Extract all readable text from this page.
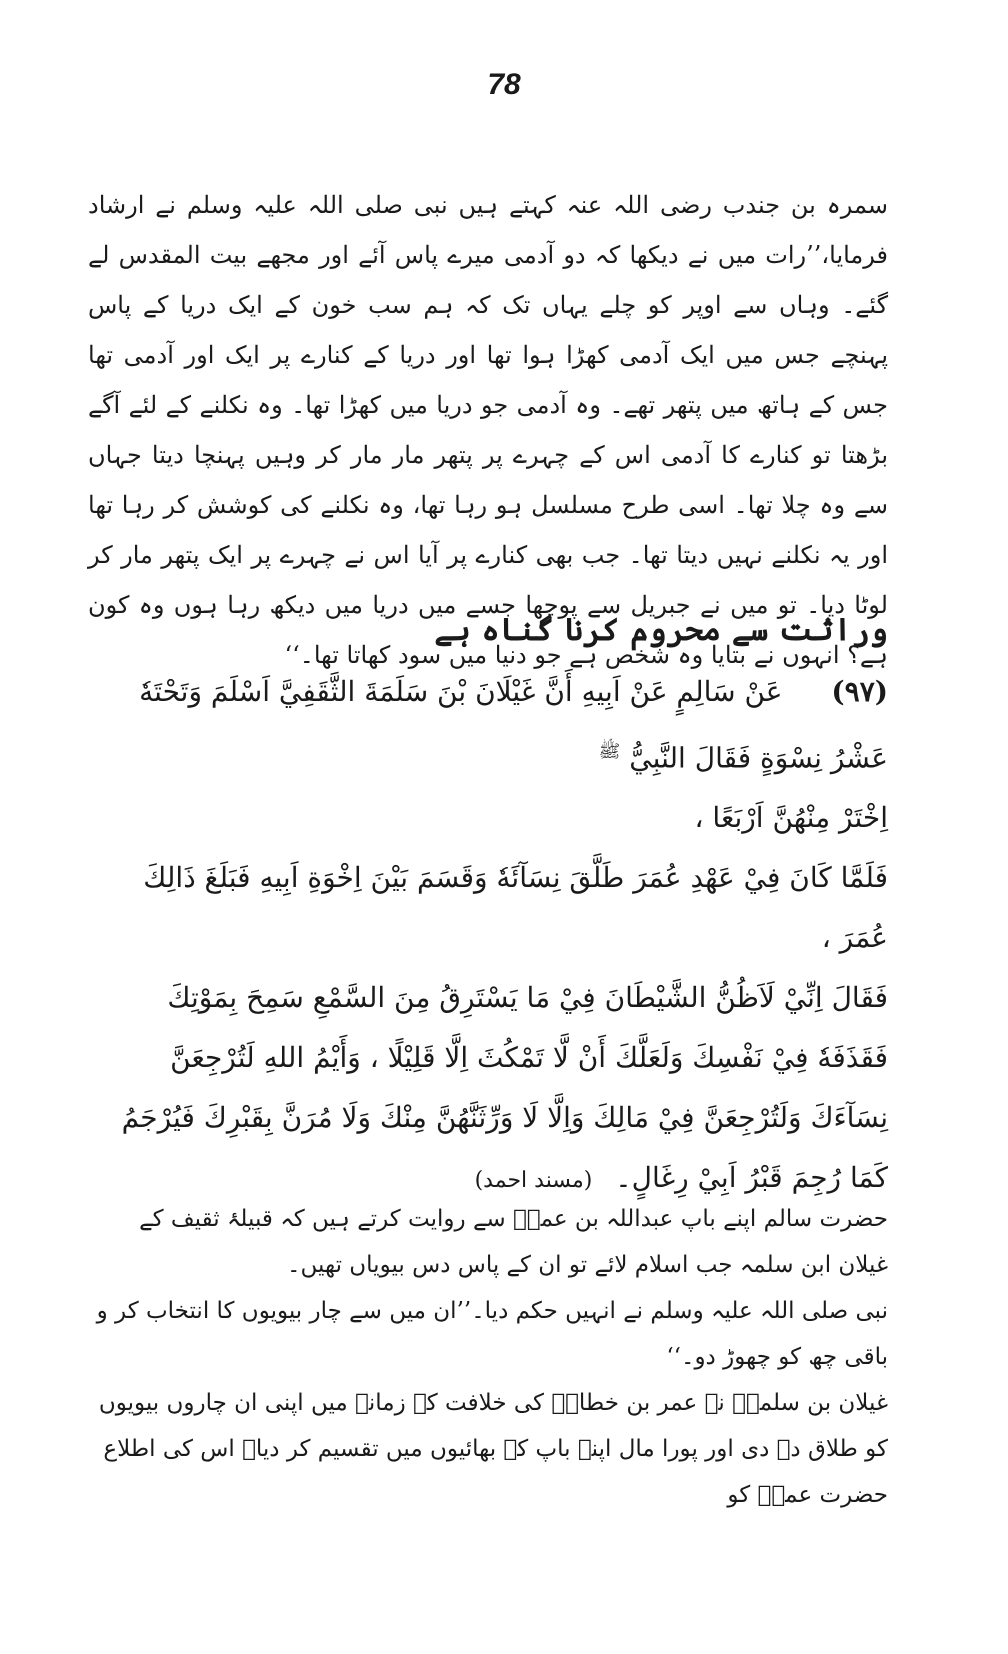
78

سمرہ بن جندب رضی اللہ عنہ کہتے ہیں نبی صلی اللہ علیہ وسلم نے ارشاد فرمایا،’’رات میں نے دیکھا کہ دو آدمی میرے پاس آئے اور مجھے بیت المقدس لے گئے۔ وہاں سے اوپر کو چلے یہاں تک کہ ہم سب خون کے ایک دریا کے پاس پہنچے جس میں ایک آدمی کھڑا ہوا تھا اور دریا کے کنارے پر ایک اور آدمی تھا جس کے ہاتھ میں پتھر تھے۔ وہ آدمی جو دریا میں کھڑا تھا۔ وہ نکلنے کے لئے آگے بڑھتا تو کنارے کا آدمی اس کے چہرے پر پتھر مار مار کر وہیں پہنچا دیتا جہاں سے وہ چلا تھا۔ اسی طرح مسلسل ہو رہا تھا، وہ نکلنے کی کوشش کر رہا تھا اور یہ نکلنے نہیں دیتا تھا۔ جب بھی کنارے پر آیا اس نے چہرے پر ایک پتھر مار کر لوٹا دیا۔ تو میں نے جبریل سے پوچھا جسے میں دریا میں دیکھ رہا ہوں وہ کون ہے؟ انہوں نے بتایا وہ شخص ہے جو دنیا میں سود کھاتا تھا۔‘‘

وراثت سے محروم کرنا گناہ ہے

(۹۷) عَنْ سَالِمٍ عَنْ اَبِيهِ أَنَّ غَيْلَانَ بْنَ سَلَمَةَ الثَّقَفِيَّ اَسْلَمَ وَتَحْتَهٗ عَشْرُ نِسْوَةٍ فَقَالَ النَّبِيُّ $^ﷺ$

اِخْتَرْ مِنْهُنَّ اَرْبَعًا ،

فَلَمَّا كَانَ فِيْ عَهْدِ عُمَرَ طَلَّقَ نِسَآئَهٗ وَقَسَمَ بَيْنَ اِخْوَةِ اَبِيهِ فَبَلَغَ ذَالِكَ عُمَرَ ،

فَقَالَ اِنِّيْ لَاَظُنُّ الشَّيْطَانَ فِيْ مَا يَسْتَرِقُ مِنَ السَّمْعِ سَمِحَ بِمَوْتِكَ فَقَذَفَهٗ فِيْ نَفْسِكَ وَلَعَلَّكَ أَنْ لَّا تَمْكُثَ اِلَّا قَلِيْلًا ، وَأَيْمُ اللهِ لَتُرْجِعَنَّ نِسَآءَكَ وَلَتُرْجِعَنَّ فِيْ مَالِكَ وَاِلَّا لَا وَرِّثَنَّهُنَّ مِنْكَ وَلَا مُرَنَّ بِقَبْرِكَ فَيُرْجَمُ كَمَا رُجِمَ قَبْرُ اَبِيْ رِغَالٍ۔ (مسند احمد)

حضرت سالم اپنے باپ عبداللہ بن عمرؓ سے روایت کرتے ہیں کہ قبیلۂ ثقیف کے غیلان ابن سلمہ جب اسلام لائے تو ان کے پاس دس بیویاں تھیں۔

نبی صلی اللہ علیہ وسلم نے انہیں حکم دیا۔’’ان میں سے چار بیویوں کا انتخاب کر و باقی چھ کو چھوڑ دو۔‘‘

غیلان بن سلمہؓ نے عمر بن خطابؓ کی خلافت کے زمانے میں اپنی ان چاروں بیویوں کو طلاق دے دی اور پورا مال اپنے باپ کے بھائیوں میں تقسیم کر دیا۔ اس کی اطلاع حضرت عمرؓ کو
